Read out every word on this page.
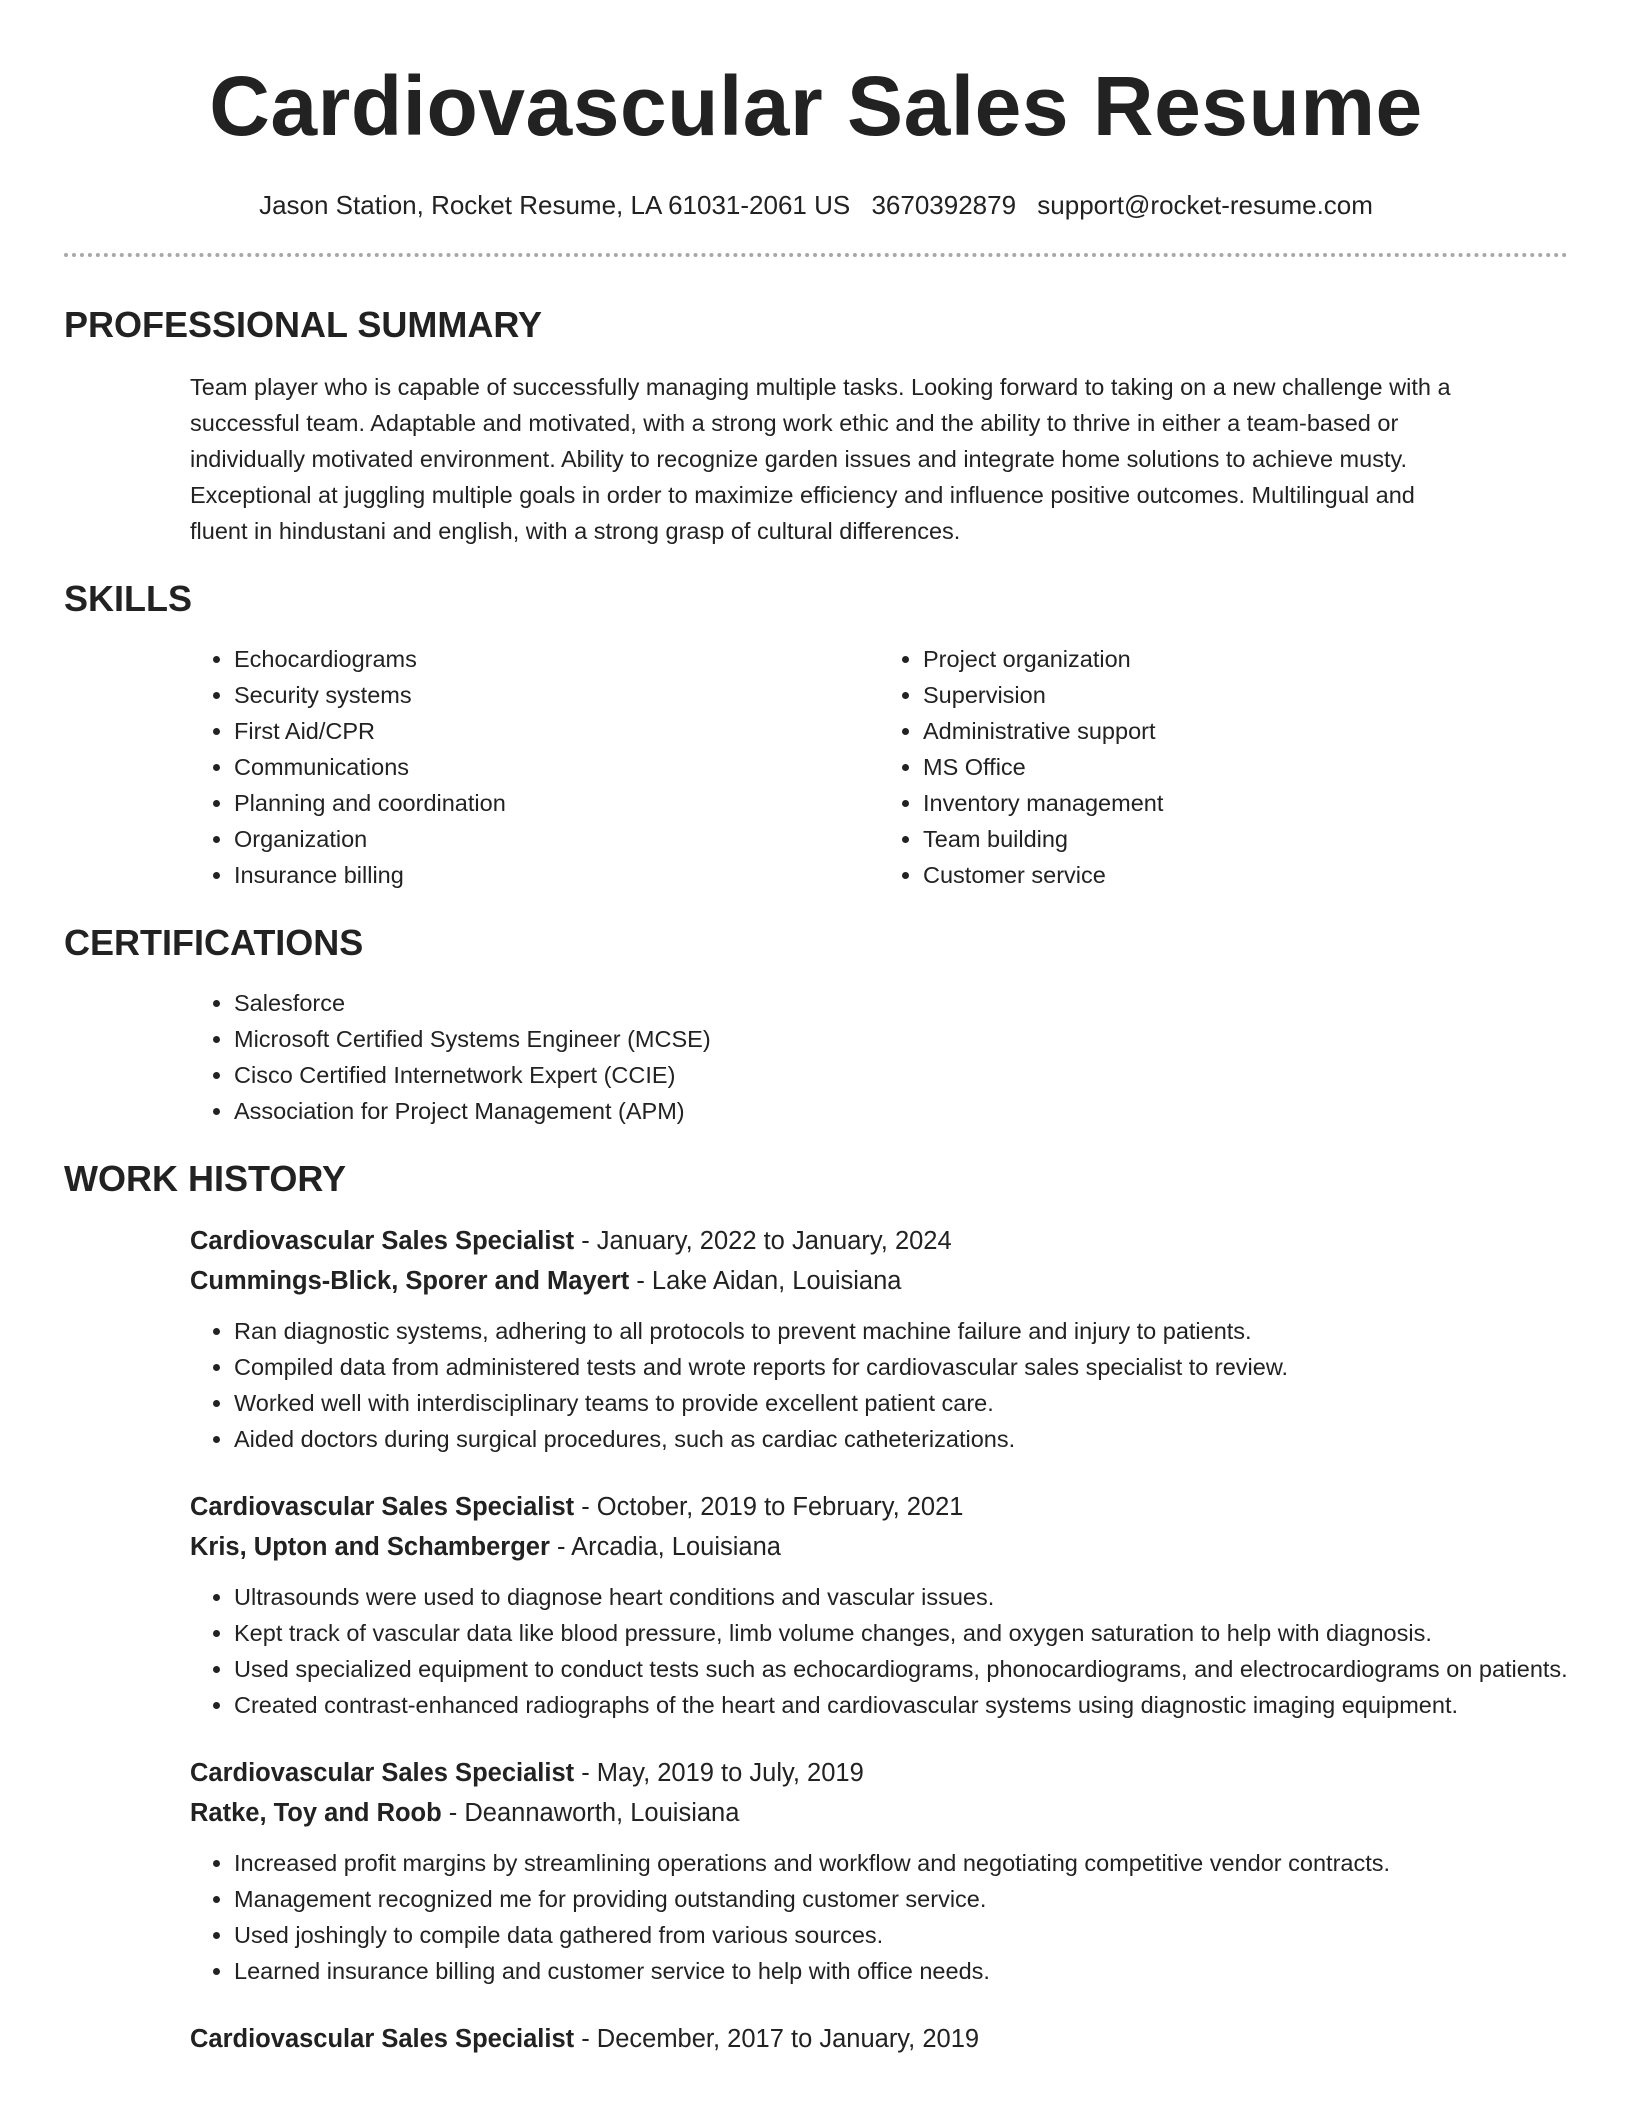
Cardiovascular Sales Resume
Jason Station, Rocket Resume, LA 61031-2061 US 3670392879 support@rocket-resume.com
PROFESSIONAL SUMMARY
Team player who is capable of successfully managing multiple tasks. Looking forward to taking on a new challenge with a
successful team. Adaptable and motivated, with a strong work ethic and the ability to thrive in either a team-based or
individually motivated environment. Ability to recognize garden issues and integrate home solutions to achieve musty.
Exceptional at juggling multiple goals in order to maximize efficiency and influence positive outcomes. Multilingual and
fluent in hindustani and english, with a strong grasp of cultural differences.
SKILLS
• Echocardiograms
• Security systems
• First Aid/CPR
• Communications
• Planning and coordination
• Organization
• Insurance billing
• Project organization
• Supervision
• Administrative support
• MS Office
• Inventory management
• Team building
• Customer service
CERTIFICATIONS
• Salesforce
• Microsoft Certified Systems Engineer (MCSE)
• Cisco Certified Internetwork Expert (CCIE)
• Association for Project Management (APM)
WORK HISTORY
Cardiovascular Sales Specialist - January, 2022 to January, 2024
Cummings-Blick, Sporer and Mayert - Lake Aidan, Louisiana
• Ran diagnostic systems, adhering to all protocols to prevent machine failure and injury to patients.
• Compiled data from administered tests and wrote reports for cardiovascular sales specialist to review.
• Worked well with interdisciplinary teams to provide excellent patient care.
• Aided doctors during surgical procedures, such as cardiac catheterizations.
Cardiovascular Sales Specialist - October, 2019 to February, 2021
Kris, Upton and Schamberger - Arcadia, Louisiana
• Ultrasounds were used to diagnose heart conditions and vascular issues.
• Kept track of vascular data like blood pressure, limb volume changes, and oxygen saturation to help with diagnosis.
• Used specialized equipment to conduct tests such as echocardiograms, phonocardiograms, and electrocardiograms on patients.
• Created contrast-enhanced radiographs of the heart and cardiovascular systems using diagnostic imaging equipment.
Cardiovascular Sales Specialist - May, 2019 to July, 2019
Ratke, Toy and Roob - Deannaworth, Louisiana
• Increased profit margins by streamlining operations and workflow and negotiating competitive vendor contracts.
• Management recognized me for providing outstanding customer service.
• Used joshingly to compile data gathered from various sources.
• Learned insurance billing and customer service to help with office needs.
Cardiovascular Sales Specialist - December, 2017 to January, 2019
